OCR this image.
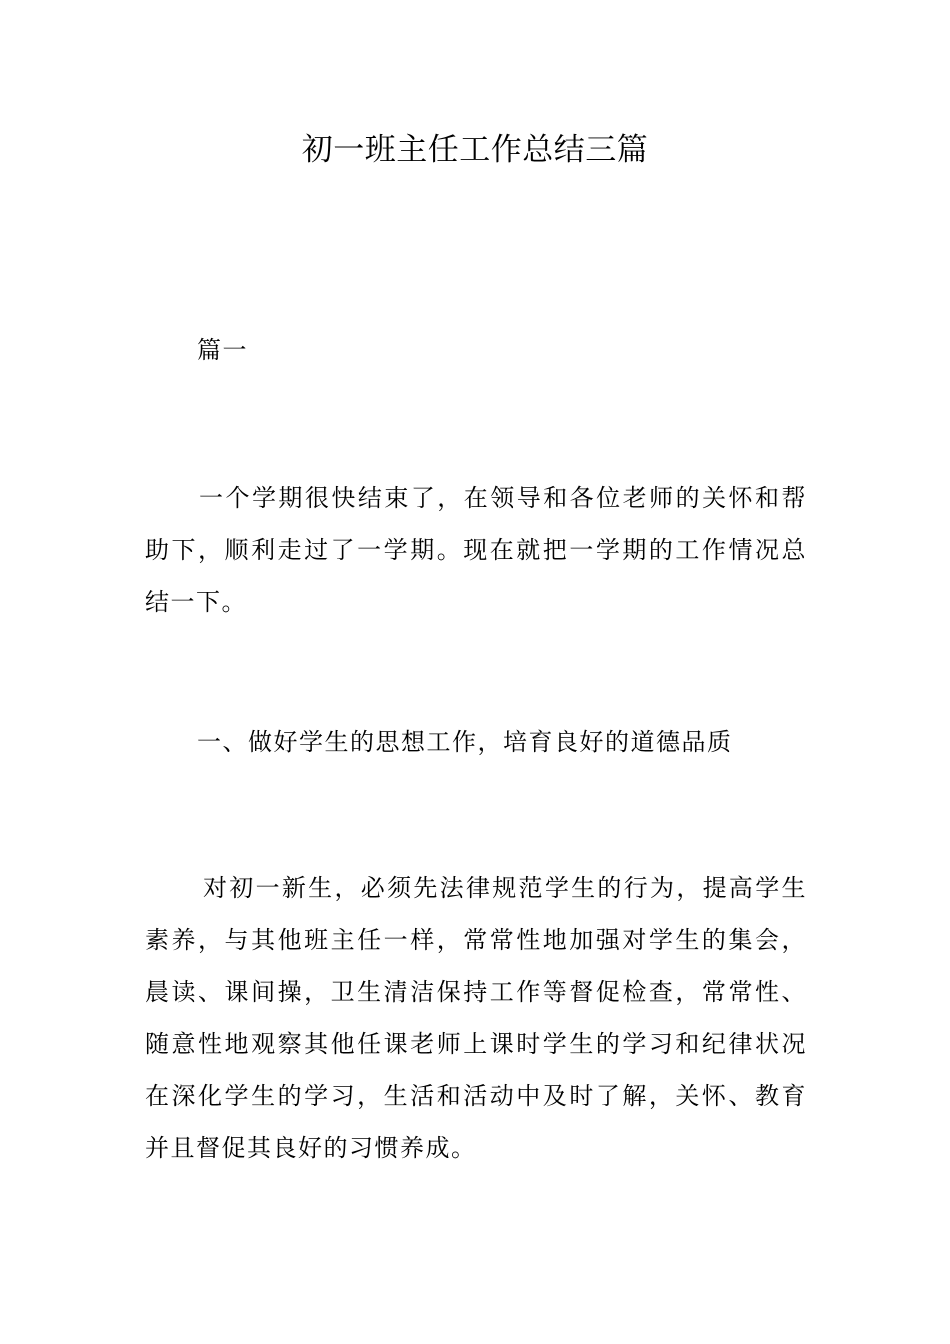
初一班主任工作总结三篇

篇一

一个学期很快结束了，在领导和各位老师的关怀和帮助下，顺利走过了一学期。现在就把一学期的工作情况总结一下。

一、做好学生的思想工作，培育良好的道德品质

对初一新生，必须先法律规范学生的行为，提高学生素养，与其他班主任一样，常常性地加强对学生的集会，晨读、课间操，卫生清洁保持工作等督促检查，常常性、随意性地观察其他任课老师上课时学生的学习和纪律状况在深化学生的学习，生活和活动中及时了解，关怀、教育并且督促其良好的习惯养成。
